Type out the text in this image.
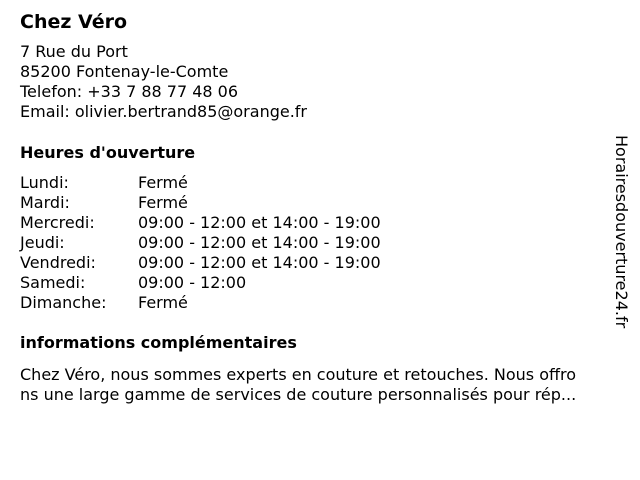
Chez Véro
7 Rue du Port
85200 Fontenay-le-Comte
Telefon: +33 7 88 77 48 06
Email: olivier.bertrand85@orange.fr
Heures d'ouverture
Lundi:	Fermé
Mardi:	Fermé
Mercredi:	09:00 - 12:00 et 14:00 - 19:00
Jeudi:	09:00 - 12:00 et 14:00 - 19:00
Vendredi:	09:00 - 12:00 et 14:00 - 19:00
Samedi:	09:00 - 12:00
Dimanche:	Fermé
informations complémentaires
Chez Véro, nous sommes experts en couture et retouches. Nous offro
ns une large gamme de services de couture personnalisés pour rép...
Horairesdouverture24.fr
